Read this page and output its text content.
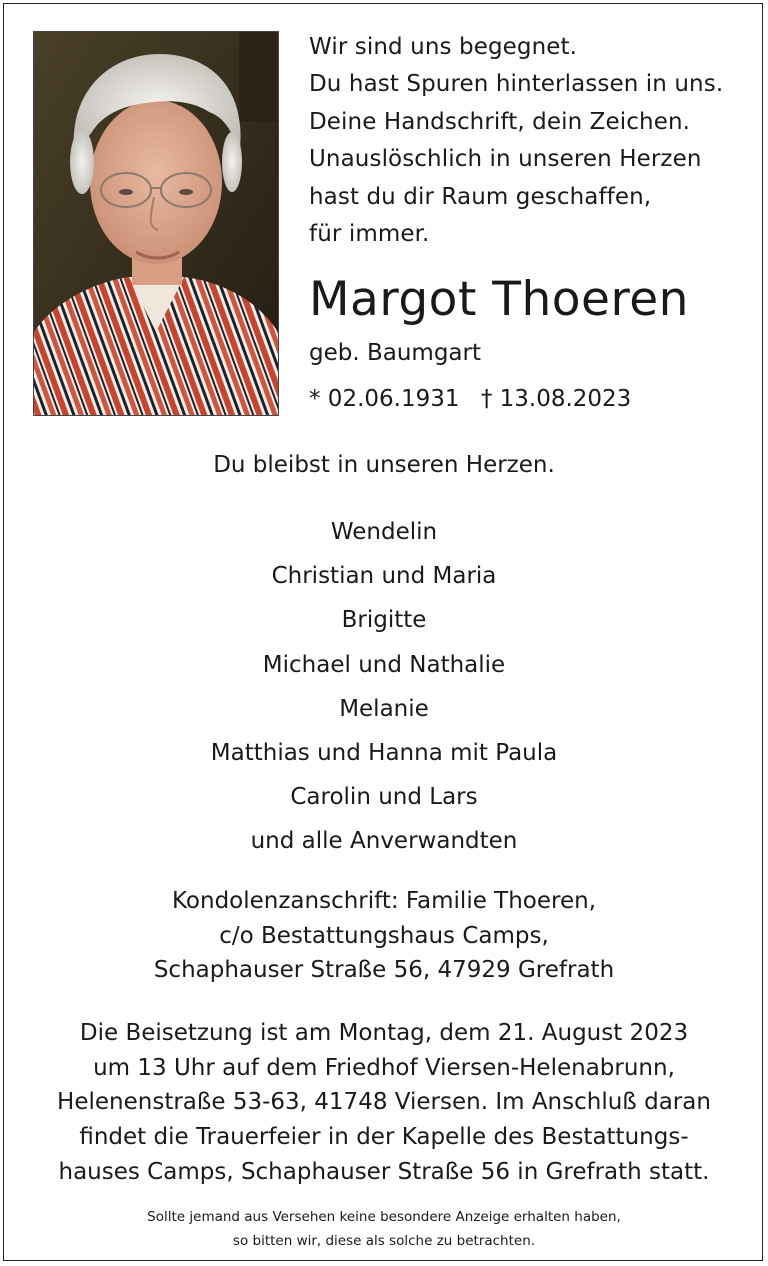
Wir sind uns begegnet.
Du hast Spuren hinterlassen in uns.
Deine Handschrift, dein Zeichen.
Unauslöschlich in unseren Herzen
hast du dir Raum geschaffen,
für immer.
Margot Thoeren
geb. Baumgart
* 02.06.1931 † 13.08.2023
Du bleibst in unseren Herzen.
Wendelin
Christian und Maria
Brigitte
Michael und Nathalie
Melanie
Matthias und Hanna mit Paula
Carolin und Lars
und alle Anverwandten
Kondolenzanschrift: Familie Thoeren,
c/o Bestattungshaus Camps,
Schaphauser Straße 56, 47929 Grefrath
Die Beisetzung ist am Montag, dem 21. August 2023
um 13 Uhr auf dem Friedhof Viersen-Helenabrunn,
Helenenstraße 53-63, 41748 Viersen. Im Anschluß daran
findet die Trauerfeier in der Kapelle des Bestattungs-
hauses Camps, Schaphauser Straße 56 in Grefrath statt.
Sollte jemand aus Versehen keine besondere Anzeige erhalten haben,
so bitten wir, diese als solche zu betrachten.
